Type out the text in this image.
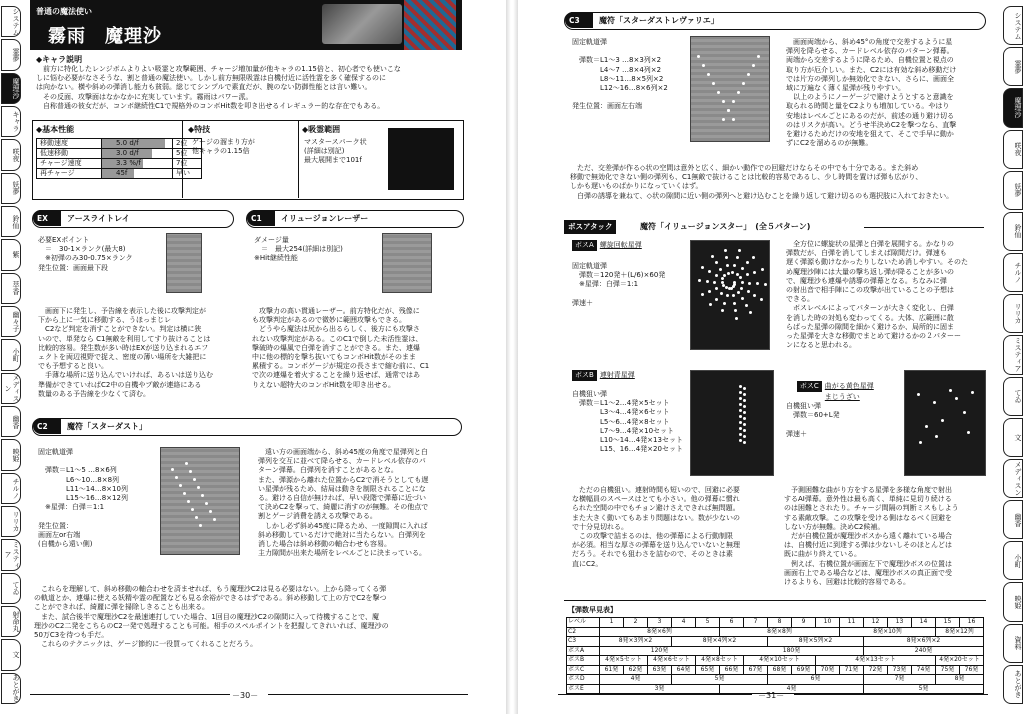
システム
霊夢
魔理沙
キャラ
咲夜
妖夢
鈴仙
紫
萃香
幽々子
小町
メディスン
幽香
映姫
チルノ
リリカ
ミスティア
てゐ
射命丸
文
あとがき
普通の魔法使い
霧雨　魔理沙
◆キャラ説明
　前方に特化したレンジボムよりよい吸霊と攻撃範囲、チャージ増加量が他キャラの1.15倍と、初心者でも使いこな
しに悩む必要がなさそうな、割と普通の魔法使い。しかし前方無限吸霊は自機付近に活性霊を多く確保するのに
は向かない。横や斜めの弾消し能力も貧弱。総じてシンプルで素直だが、腕のない防御性能とは言い難い。
　その反面、攻撃面はなかなかに充実しています。霧雨はパワー派。
　自称普通の彼女だが、コンボ継続性C1で規格外のコンボHit数を叩き出せるイレギュラー的な存在でもある。
◆基本性能
移動速度	5.0 d/f	2位
低速移動	3.0 d/f	5位
チャージ速度	3.3 %/f	7位
再チャージ	45f	早い
◆特技
ゲージの溜まり方が
他キャラの1.15倍
◆吸霊範囲
マスタースパーク状
(詳細は別記)
最大展開まで101f
EX	アースライトレイ
必要EXポイント
　＝　30-1×ランク(最大8)
　※初弾のみ30-0.75×ランク
発生位置：画面最下段
　画面下に発生し、予告線を表示した後に攻撃判定が
下から上に一気に移動する、うほっまじレ
　C2など判定を消すことができない。判定は横に狭
いので、単発なら C1無敵を利用してすり抜けることは
比較的容易。発生数が多い時はEXが送り込まれるエフ
ェクトを両辺視野で捉え、密度の薄い場所を大雑把に
でも予想すると良い。
　手薄な場所に送り込んでいければ、あるいは送り込む
準備ができていればC2中の自機やプ敵が連絡にある
数量のある予告線を少なくて済む。
C1	イリュージョンレーザー
ダメージ量
　＝　最大254(詳細は別記)
※Hit継続性能
　攻撃力の高い貫通レーザー。前方特化だが、残像に
も攻撃判定があるので微妙に範囲攻撃もできる。
　どうやら魔法は尻から出るらしく、後方にも攻撃さ
れない攻撃判定がある。このC1で倒した未活性霊は、
撃破時の爆風で白弾を消すことができる。また、連爆
中に他の標的を撃ち抜いてもコンボHit数がそのまま
累積する。コンボゲージが規定の長さまで縮む前に、C1
で次の連爆を着火することを繰り返せば、通常ではあ
りえない超特大のコンボHit数を叩き出せる。
C2	魔符「スターダスト」
固定軌道弾

　弾数＝L1～5 …8×6列
　　　　L6～10…8×8列
　　　　L11～14…8×10列
　　　　L15～16…8×12列
　※星弾：白弾＝1:1

発生位置：
画面左or右端
(自機から遠い側)
　遠い方の画面端から、斜め45度の角度で星弾列と白
弾列を交互に並べて降らせる、カードレベル依存のパ
ターン弾幕。白弾列を消すことがあるとな。
また、弾源から離れた位置からC2で消そうとしても遅
い星弾が残るため、結局は動きを制限されることにな
る。避ける自信が無ければ、早い段階で弾幕に近づい
て決めC2を撃って、綺麗に消すのが無難。その他点で
割とゲージ消費を誘える攻撃である。
　しかし必ず斜め45度に降るため、一度隙間に入れば
斜め移動しているだけで絶対に当たらない。白弾列を
消した場合は斜め移動の軸合わせも容易。
主力隙間が出来た場所をレベルごとに決まっている。
　これらを理解して、斜め移動の軸合わせを済ませれば、もう魔理沙C2は見る必要はない。上から降ってくる弾
の軌道とか、連爆に使える妖精や霊の配置なども見る余裕ができるはずである。斜め移動して上の方でC2を撃つ
ことができれば、綺麗に弾を掃除しきることも出来る。
　また、試合後半で魔理沙C2を最速連打していた場合、1回目の魔理沙C2の隙間に入って待機することで、魔
理沙のC2二発をこちらのC2一発で処理することも可能。相手のスペルポイントを把握してきれいれば、魔理沙の
50万C3を待つも手だ。
　これらのテクニックは、ゲージ節約に一役買ってくれることだろう。
－30－
システム
霊夢
魔理沙
咲夜
妖夢
鈴仙
チルノ
リリカ
ミスティア
てゐ
文
メディスン
幽香
小町
映姫
資料
あとがき
C3	魔符「スターダストレヴァリエ」
固定軌道弾

　弾数＝L1～3 …8×3列×2
　　　　L4～7 …8×4列×2
　　　　L8～11…8×5列×2
　　　　L12～16…8×6列×2

発生位置：画面左右端
　画面両端から、斜め45°の角度で交差するように星
弾列を降らせる、カードレベル依存のパターン弾幕。
両端から交差するように降るため、自機位置と視点の
取り方が厄介しい。また、C2には有効な斜め移動だけ
では片方の弾列しか無効化できない、さらに、画面全
域に万遍なく薄く星弾が残りやすい。
　以上のようにノーゲージで避けようとすると意識を
取られる時間と量をC2よりも増加している。やはり
安地はレベルごとにあるのだが、前述の通り避け切る
のはリスクが高い。どうせ半決めC2を撃つなら、直撃
を避けるためだけの安地を狙えて、そこで手早に動か
ずにC2を溜めるのが無難。
　ただ、交差弾が作る◇状の空間は意外と広く、細かい動作での回避だけならその中でも十分である。また斜め
移動で無効化できない側の弾列も、C1無敵で抜けることは比較的容易であるし、少し時間を置けば弾も広がり、
しかも遅いものばかりになっていくはず。
　白弾の誘導を兼ねて、◇状の隙間に近い側の弾列へと避け込むことを繰り返して避け切るのも選択肢に入れておきたい。
ボスアタック	魔符「イリュージョンスター」　(全５パターン)
ボスA 螺旋回転星弾
固定軌道弾
　弾数＝120発＋(L/6)×60発
　※星弾：白弾＝1:1

弾速＋
　全方位に螺旋状の星弾と白弾を展開する。かなりの
弾数だが、白弾を消してしまえば隙間だけ。弾速も
遅く弾源も動けなかったりしないため消しやすい。そのた
め魔理沙陣には大量の撃ち返し弾が降ることが多いの
で、魔理沙も連爆や誘導の弾幕となる。ちなみに弾
の射出音で相手陣にこの攻撃が出ていることの予想は
できる。
　ボスレベルによってパターンが大きく変化し、白弾
を消した時の対処も変わってくる。大体、広範囲に散
らばった星弾の隙間を細かく避けるか、局所的に固ま
った星弾を大きな移動でまとめて避けるかの２パターー
ンになると思われる。
ボスB 連射青星弾
自機狙い弾
　弾数＝L1～2…4発×5セット
　　　　L3～4…4発×6セット
　　　　L5～6…4発×8セット
　　　　L7～9…4発×10セット
　　　　L10～14…4発×13セット
　　　　L15、16…4発×20セット

ボスC 曲がる黄色星弾
まじうざい

自機狙い弾
　弾数＝60+L発

弾速＋
　ただの自機狙い。連射時間も短いので、回避に必要
な横幅員のスペースはとても小さい。他の弾幕に慣れ
られた空間の中でもチョン避けさえできれば無問題。
また大きく動いてもあまり問題はない。数が少ないの
で十分見切れる。
　この攻撃で詰まるのは、他の弾幕による行動制限
が必須。相当な厚さの弾幕を送り込んでいないと無理
だろう。それでも狙わさを詰むので、そのときは素
直にC2。
　予測困難な曲がり方をする星弾を多様な角度で射出
するAI弾幕。意外性は最も高く、単純に見切り続ける
のは困難とされたり。チャージ間隔の判断ミスもしよう
する素敵攻撃。この攻撃を受ける側はなるべく回避を
しない方が無難。決めC2候補。
　だが自機位置が魔理沙ボスから遠く離れている場合
は、自機付近に到達する弾は少ないしそのほとんどは
既に曲がり終えている。
　例えば、右機位置が画面左下で魔理沙ボスの位置は
画面右上である場合などは、魔理沙ボスの真正面で受
けるよりも、回避は比較的容易である。
【弾数早見表】
レベル	1	2	3	4	5	6	7	8	9	10	11	12	13	14	15	16
C2	8発×6列					8発×8列					8発×10列				8発×12列	
C3	8発×3列×2			8発×4列×2				8発×5列×2				8発×6列×2				
ボスA	120発					180発						240発				
ボスB	4発×5セット		4発×6セット		4発×8セット		4発×10セット			4発×13セット					4発×20セット	
ボスC	61発	62発	63発	64発	65発	66発	67発	68発	69発	70発	71発	72発	73発	74発	75発	76発
ボスD	4発			5発				6発				7発			8発	
ボスE	3発					4発						5発				
－31－
